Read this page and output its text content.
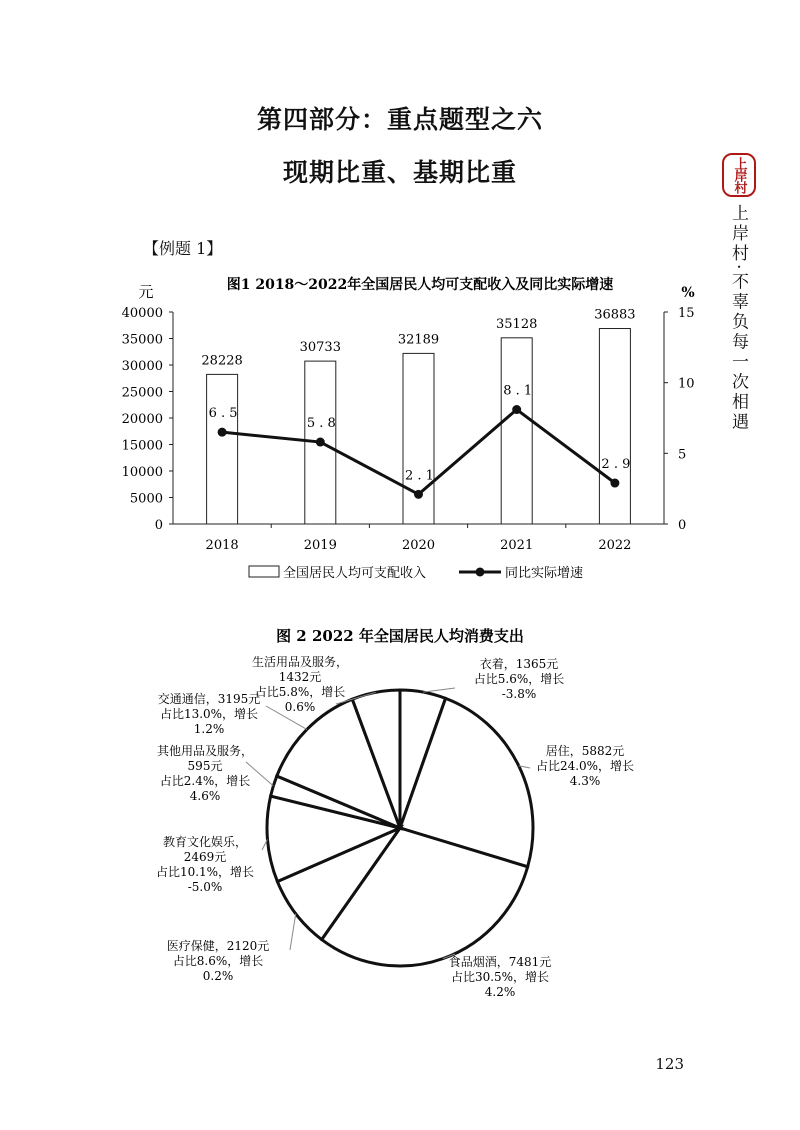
第四部分：重点题型之六
现期比重、基期比重
【例题 1】
上岸村
上岸村·不辜负每一次相遇
图1 2018～2022年全国居民人均可支配收入及同比实际增速
元	%
0
5000
10000
15000
20000
25000
30000
35000
40000
0
5
10
15
2018	2019	2020	2021	2022
28228
30733
32189
35128
36883
6 . 5
5 . 8
2 . 1
8 . 1
2 . 9
全国居民人均可支配收入	同比实际增速
图 2 2022 年全国居民人均消费支出
衣着，1365元占比5.6%，增长-3.8%
居住，5882元占比24.0%，增长 4.3%
食品烟酒，7481元占比30.5%，增长 4.2%
医疗保健，2120元占比8.6%，增长 0.2%
教育文化娱乐， 2469元占比10.1%，增长-5.0%
其他用品及服务， 595元占比2.4%，增长 4.6%
交通通信，3195元占比13.0%，增长 1.2%
生活用品及服务， 1432元占比5.8%，增长 0.6%
123
